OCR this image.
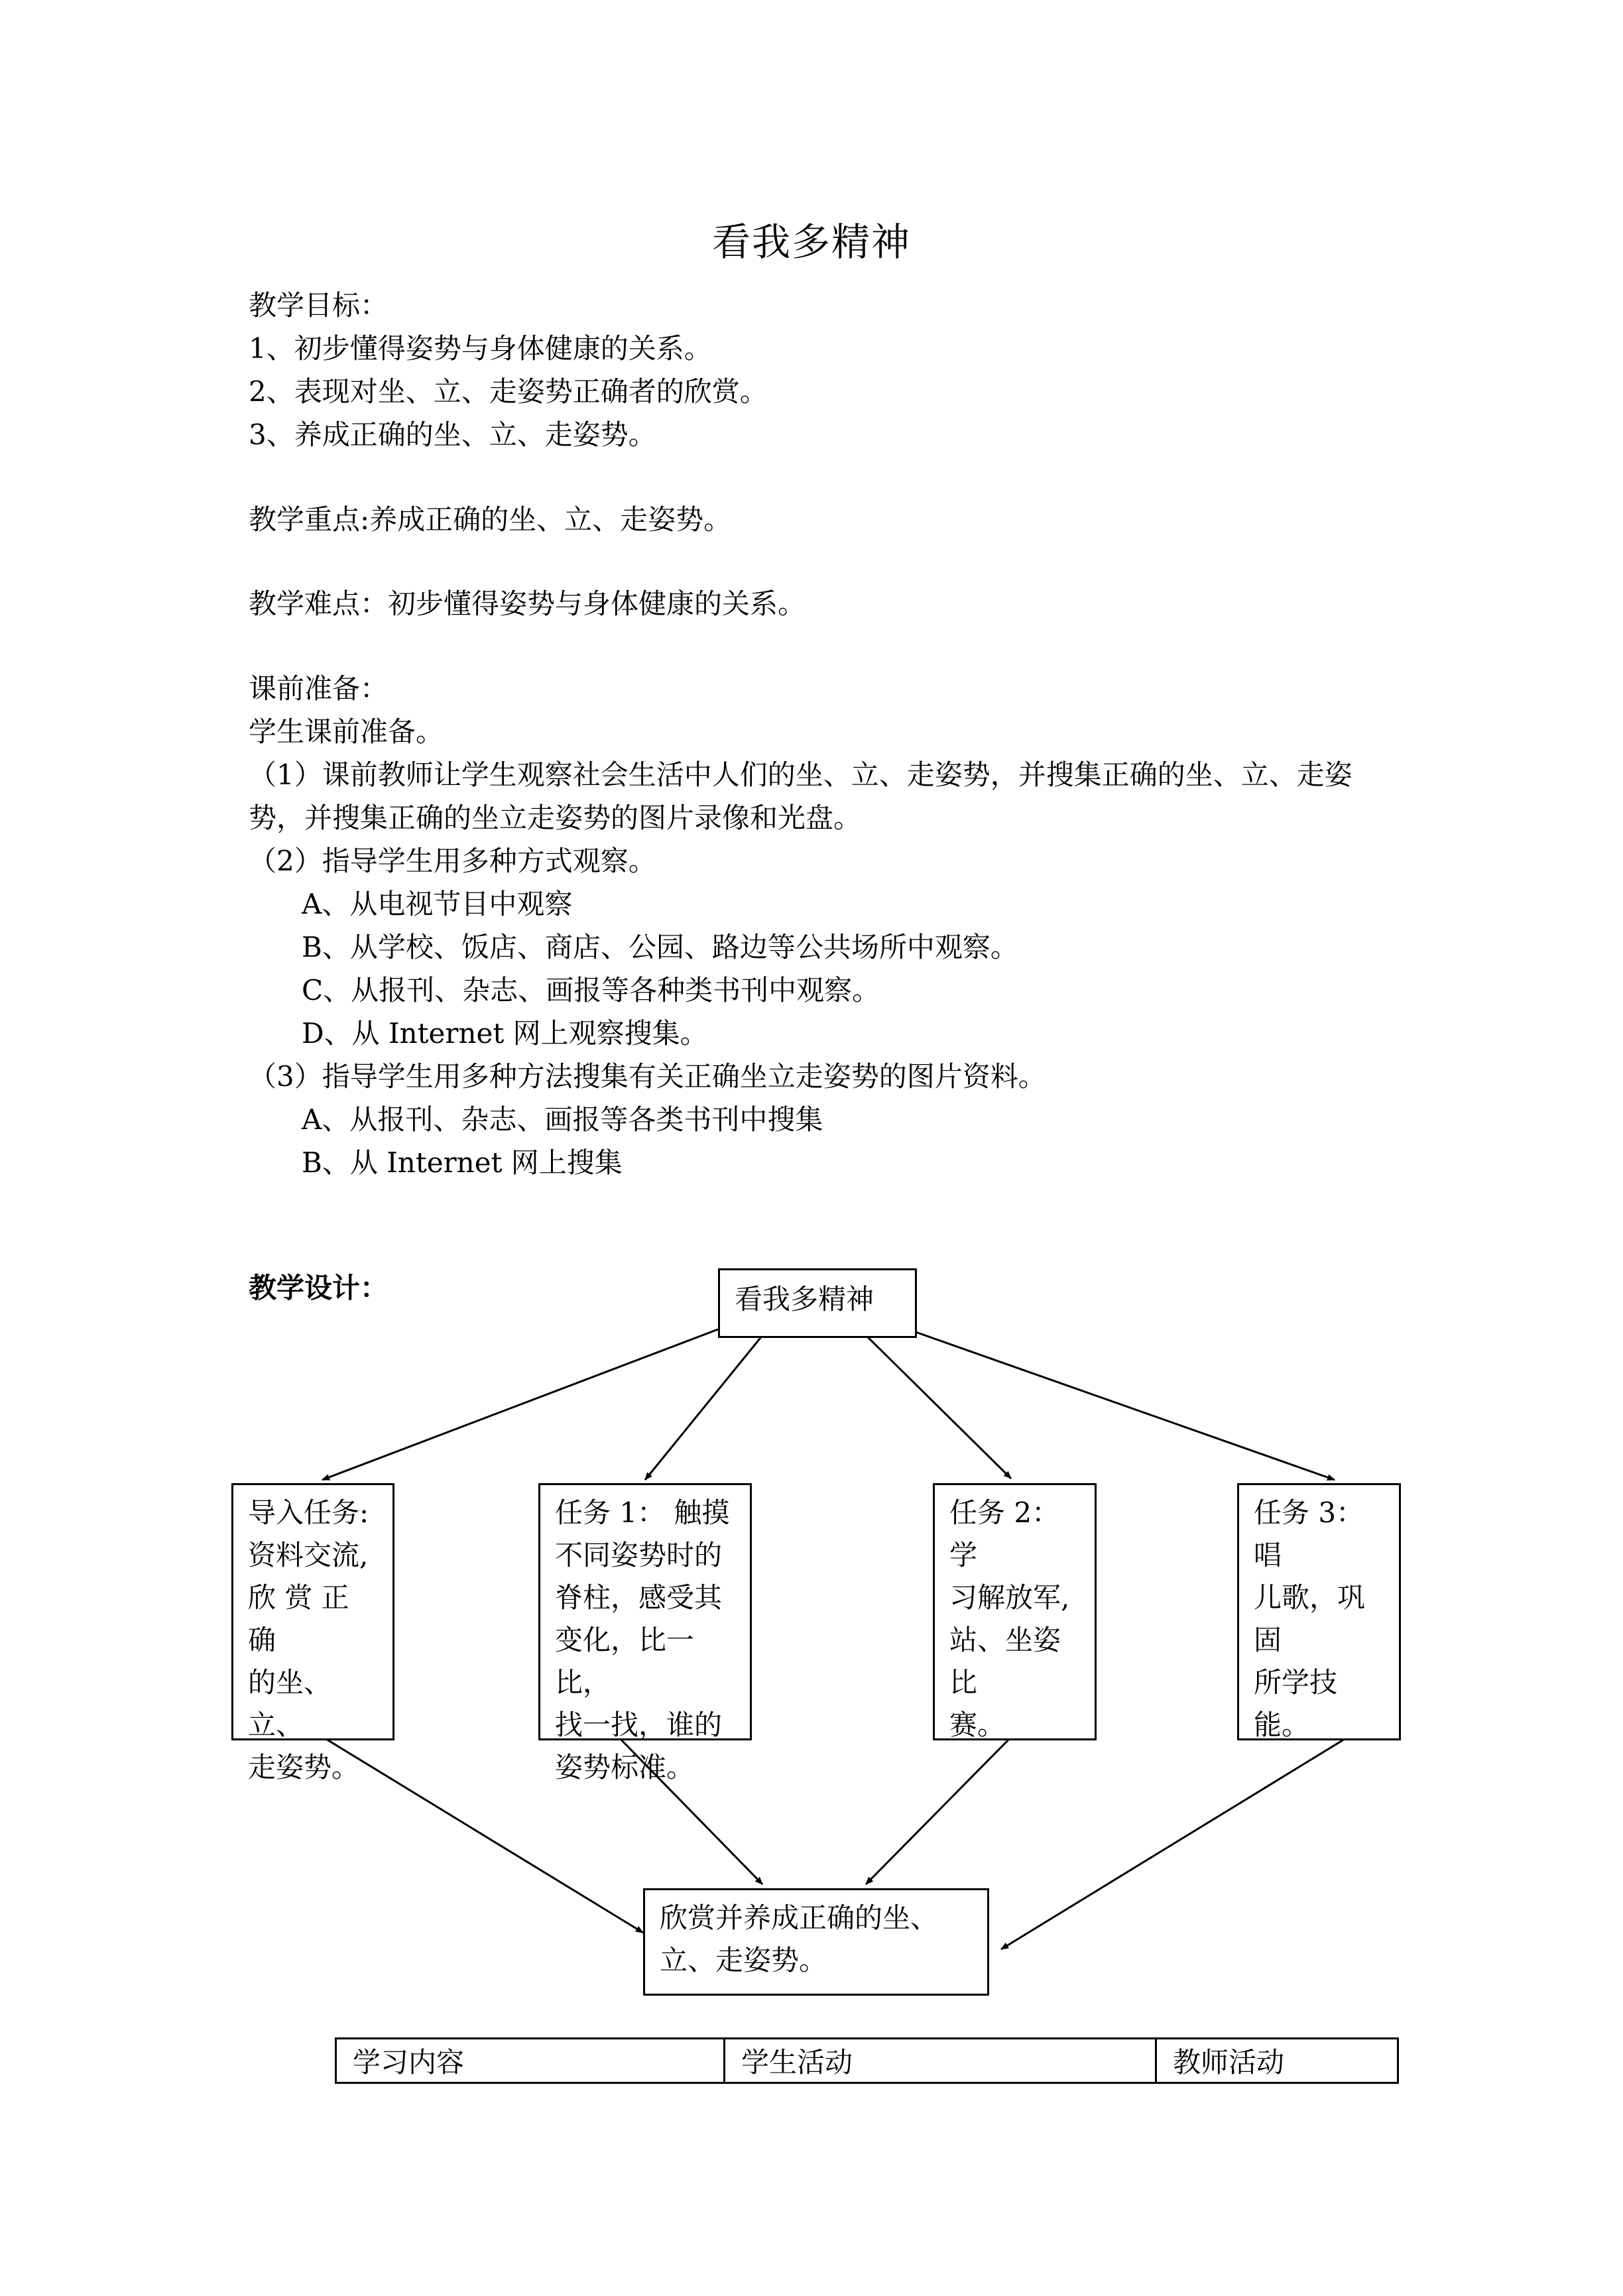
看我多精神
教学目标：
1、初步懂得姿势与身体健康的关系。
2、表现对坐、立、走姿势正确者的欣赏。
3、养成正确的坐、立、走姿势。
教学重点:养成正确的坐、立、走姿势。
教学难点：初步懂得姿势与身体健康的关系。
课前准备：
学生课前准备。
（1）课前教师让学生观察社会生活中人们的坐、立、走姿势，并搜集正确的坐、立、走姿
势，并搜集正确的坐立走姿势的图片录像和光盘。
（2）指导学生用多种方式观察。
A、从电视节目中观察
B、从学校、饭店、商店、公园、路边等公共场所中观察。
C、从报刊、杂志、画报等各种类书刊中观察。
D、从 Internet 网上观察搜集。
（3）指导学生用多种方法搜集有关正确坐立走姿势的图片资料。
A、从报刊、杂志、画报等各类书刊中搜集
B、从 Internet 网上搜集
教学设计：	看我多精神
导入任务:
资料交流,
欣 赏 正 确
的坐、立、
走姿势。
任务 1： 触摸
不同姿势时的
脊柱，感受其
变化，比一比，
找一找，谁的
姿势标准。
任务 2：学
习解放军,
站、坐姿比
赛。
任务 3：唱
儿歌，巩固
所学技能。
欣赏并养成正确的坐、
立、走姿势。
学习内容	学生活动	教师活动
